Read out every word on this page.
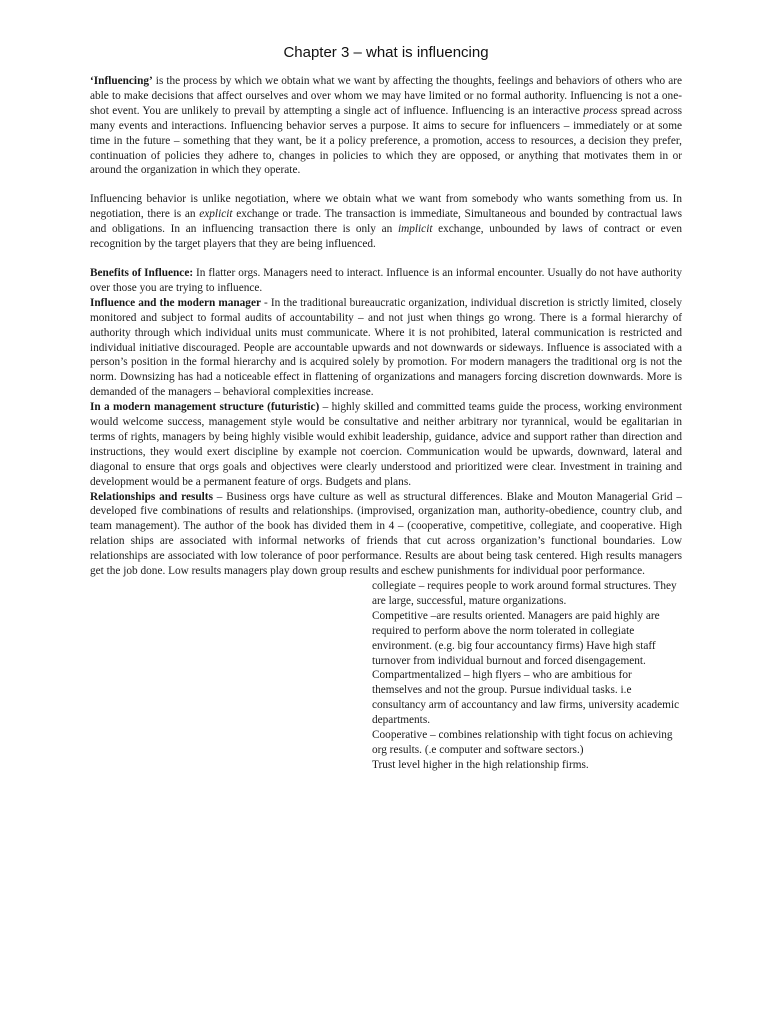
Chapter 3 – what is influencing

‘Influencing’ is the process by which we obtain what we want by affecting the thoughts, feelings and behaviors of others who are able to make decisions that affect ourselves and over whom we may have limited or no formal authority. Influencing is not a one-shot event. You are unlikely to prevail by attempting a single act of influence. Influencing is an interactive process spread across many events and interactions. Influencing behavior serves a purpose. It aims to secure for influencers – immediately or at some time in the future – something that they want, be it a policy preference, a promotion, access to resources, a decision they prefer, continuation of policies they adhere to, changes in policies to which they are opposed, or anything that motivates them in or around the organization in which they operate.

Influencing behavior is unlike negotiation, where we obtain what we want from somebody who wants something from us. In negotiation, there is an explicit exchange or trade. The transaction is immediate, Simultaneous and bounded by contractual laws and obligations. In an influencing transaction there is only an implicit exchange, unbounded by laws of contract or even recognition by the target players that they are being influenced.

Benefits of Influence: In flatter orgs. Managers need to interact. Influence is an informal encounter. Usually do not have authority over those you are trying to influence.

Influence and the modern manager - In the traditional bureaucratic organization, individual discretion is strictly limited, closely monitored and subject to formal audits of accountability – and not just when things go wrong. There is a formal hierarchy of authority through which individual units must communicate. Where it is not prohibited, lateral communication is restricted and individual initiative discouraged. People are accountable upwards and not downwards or sideways. Influence is associated with a person’s position in the formal hierarchy and is acquired solely by promotion. For modern managers the traditional org is not the norm. Downsizing has had a noticeable effect in flattening of organizations and managers forcing discretion downwards. More is demanded of the managers – behavioral complexities increase.

In a modern management structure (futuristic) – highly skilled and committed teams guide the process, working environment would welcome success, management style would be consultative and neither arbitrary nor tyrannical, would be egalitarian in terms of rights, managers by being highly visible would exhibit leadership, guidance, advice and support rather than direction and instructions, they would exert discipline by example not coercion. Communication would be upwards, downward, lateral and diagonal to ensure that orgs goals and objectives were clearly understood and prioritized were clear. Investment in training and development would be a permanent feature of orgs. Budgets and plans.

Relationships and results – Business orgs have culture as well as structural differences. Blake and Mouton Managerial Grid – developed five combinations of results and relationships. (improvised, organization man, authority-obedience, country club, and team management). The author of the book has divided them in 4 – (cooperative, competitive, collegiate, and cooperative. High relation ships are associated with informal networks of friends that cut across organization’s functional boundaries. Low relationships are associated with low tolerance of poor performance. Results are about being task centered. High results managers get the job done. Low results managers play down group results and eschew punishments for individual poor performance.

collegiate – requires people to work around formal structures. They are large, successful, mature organizations.

Competitive –are results oriented. Managers are paid highly are required to perform above the norm tolerated in collegiate environment. (e.g. big four accountancy firms) Have high staff turnover from individual burnout and forced disengagement.

Compartmentalized – high flyers – who are ambitious for themselves and not the group. Pursue individual tasks. i.e consultancy arm of accountancy and law firms, university academic departments.

Cooperative – combines relationship with tight focus on achieving org results. (.e computer and software sectors.)

Trust level higher in the high relationship firms.
